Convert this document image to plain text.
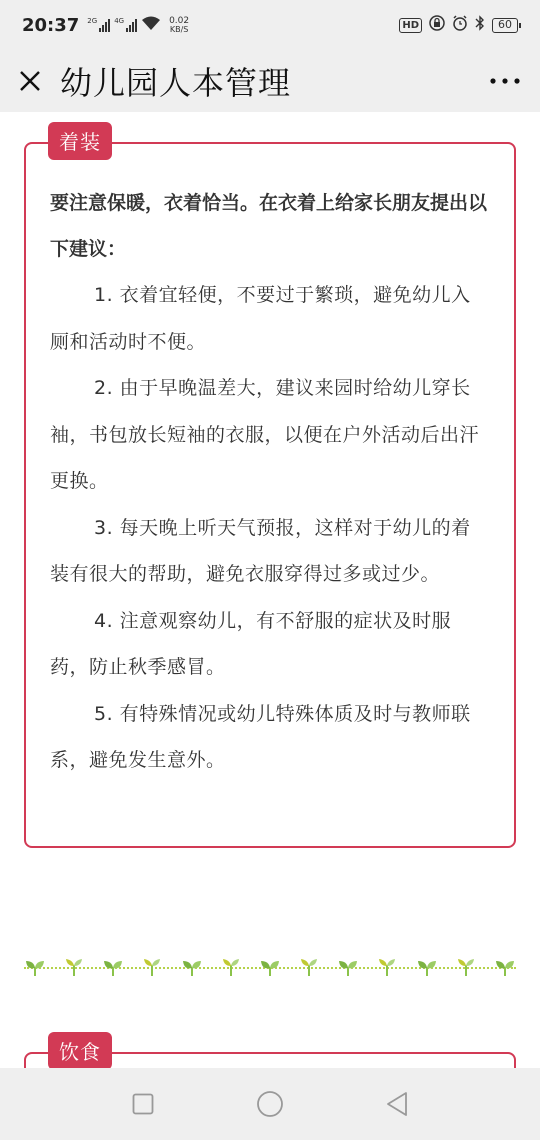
20:37 2G 4G	0.02
KB/S	HD	60
幼儿园人本管理
着装

要注意保暖，衣着恰当。在衣着上给家长朋友提出以下建议：

1. 衣着宜轻便，不要过于繁琐，避免幼儿入厕和活动时不便。

2. 由于早晚温差大，建议来园时给幼儿穿长袖，书包放长短袖的衣服，以便在户外活动后出汗更换。

3. 每天晚上听天气预报，这样对于幼儿的着装有很大的帮助，避免衣服穿得过多或过少。

4. 注意观察幼儿，有不舒服的症状及时服药，防止秋季感冒。

5. 有特殊情况或幼儿特殊体质及时与教师联系，避免发生意外。

饮食
